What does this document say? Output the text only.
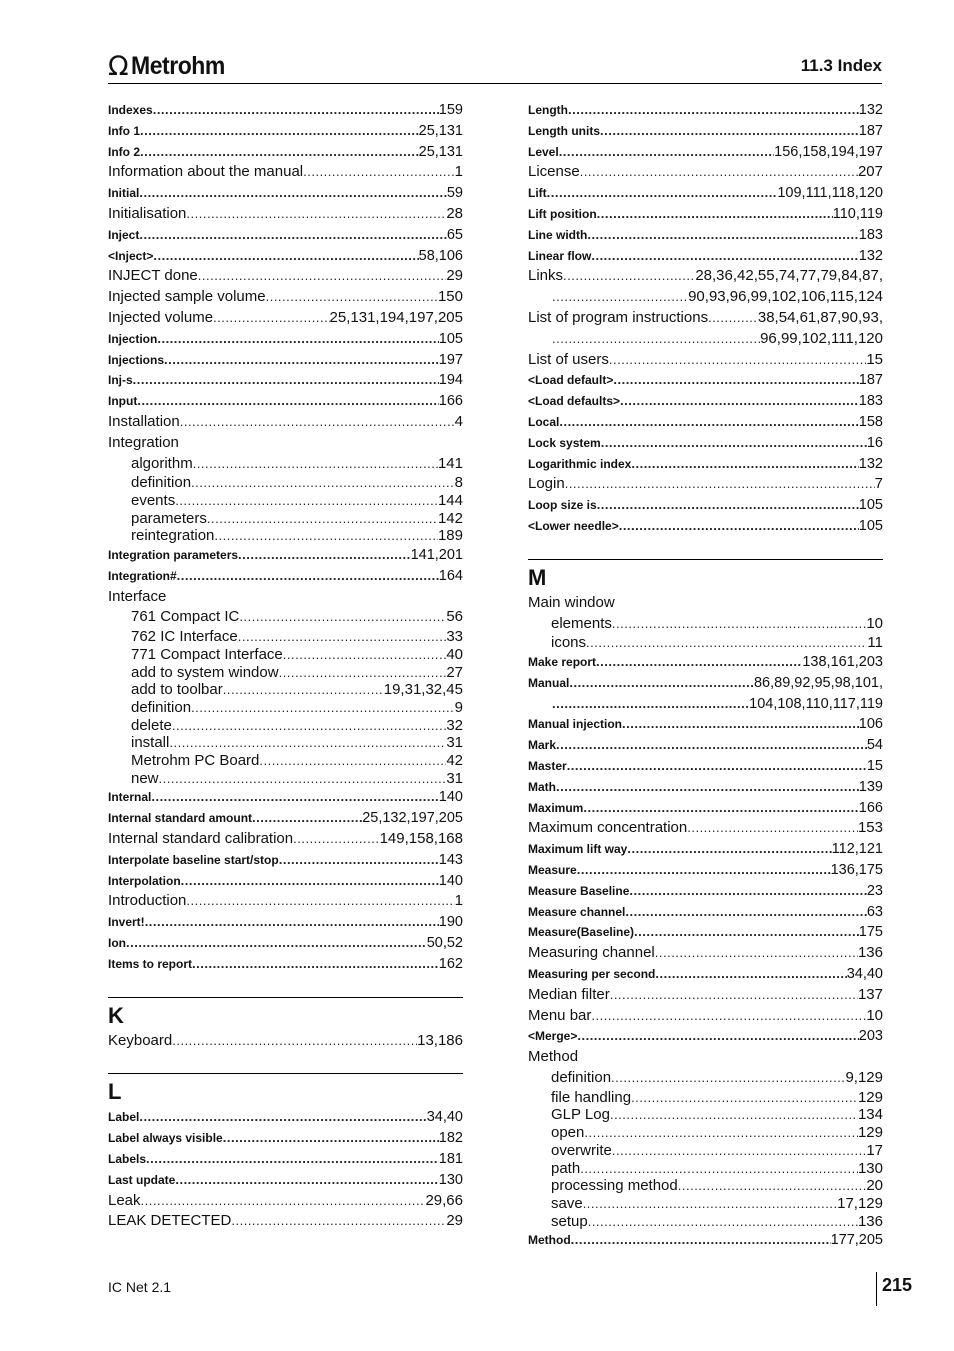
Ω Metrohm	11.3 Index
Indexes .....	159
Info 1 .....	25,131
Info 2 .....	25,131
Information about the manual .....	1
Initial .....	59
Initialisation .....	28
Inject .....	65
<Inject> .....	58,106
INJECT done .....	29
Injected sample volume .....	150
Injected volume .....	25,131,194,197,205
Injection .....	105
Injections .....	197
Inj-s .....	194
Input .....	166
Installation .....	4
Integration
algorithm .....	141
definition .....	8
events .....	144
parameters .....	142
reintegration .....	189
Integration parameters .....	141,201
Integration# .....	164
Interface
761 Compact IC .....	56
762 IC Interface .....	33
771 Compact Interface .....	40
add to system window .....	27
add to toolbar .....	19,31,32,45
definition .....	9
delete .....	32
install .....	31
Metrohm PC Board .....	42
new .....	31
Internal .....	140
Internal standard amount .....	25,132,197,205
Internal standard calibration .....	149,158,168
Interpolate baseline start/stop .....	143
Interpolation .....	140
Introduction .....	1
Invert! .....	190
Ion .....	50,52
Items to report .....	162
K
Keyboard .....	13,186
L
Label .....	34,40
Label always visible .....	182
Labels .....	181
Last update .....	130
Leak .....	29,66
LEAK DETECTED .....	29
Length .....	132
Length units .....	187
Level .....	156,158,194,197
License .....	207
Lift .....	109,111,118,120
Lift position .....	110,119
Line width .....	183
Linear flow .....	132
Links .....	28,36,42,55,74,77,79,84,87,
.....
90,93,96,99,102,106,115,124
List of program instructions .....	38,54,61,87,90,93,
.....
96,99,102,111,120
List of users .....	15
<Load default> .....	187
<Load defaults> .....	183
Local .....	158
Lock system .....	16
Logarithmic index .....	132
Login .....	7
Loop size is .....	105
<Lower needle> .....	105
M
Main window
elements .....	10
icons .....	11
Make report .....	138,161,203
Manual .....	86,89,92,95,98,101,
.....
104,108,110,117,119
Manual injection .....	106
Mark .....	54
Master .....	15
Math .....	139
Maximum .....	166
Maximum concentration .....	153
Maximum lift way .....	112,121
Measure .....	136,175
Measure Baseline .....	23
Measure channel .....	63
Measure(Baseline) .....	175
Measuring channel .....	136
Measuring per second .....	34,40
Median filter .....	137
Menu bar .....	10
<Merge> .....	203
Method
definition .....	9,129
file handling .....	129
GLP Log .....	134
open .....	129
overwrite .....	17
path .....	130
processing method .....	20
save .....	17,129
setup .....	136
Method .....	177,205
IC Net 2.1	215
